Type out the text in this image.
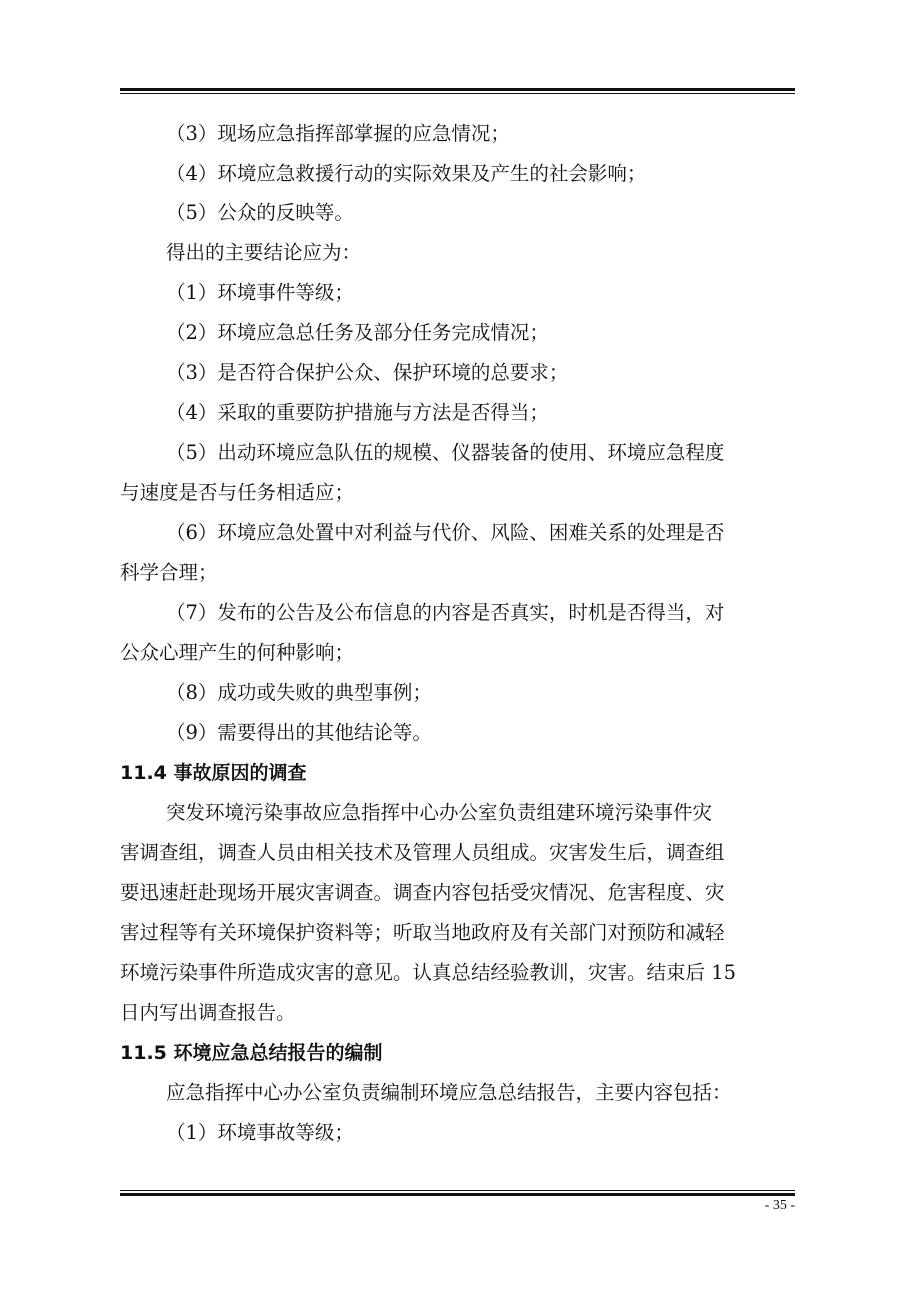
（3）现场应急指挥部掌握的应急情况；
（4）环境应急救援行动的实际效果及产生的社会影响；
（5）公众的反映等。
得出的主要结论应为：
（1）环境事件等级；
（2）环境应急总任务及部分任务完成情况；
（3）是否符合保护公众、保护环境的总要求；
（4）采取的重要防护措施与方法是否得当；
（5）出动环境应急队伍的规模、仪器装备的使用、环境应急程度
与速度是否与任务相适应；
（6）环境应急处置中对利益与代价、风险、困难关系的处理是否
科学合理；
（7）发布的公告及公布信息的内容是否真实，时机是否得当，对
公众心理产生的何种影响；
（8）成功或失败的典型事例；
（9）需要得出的其他结论等。
11.4 事故原因的调查
突发环境污染事故应急指挥中心办公室负责组建环境污染事件灾
害调查组，调查人员由相关技术及管理人员组成。灾害发生后，调查组
要迅速赶赴现场开展灾害调查。调查内容包括受灾情况、危害程度、灾
害过程等有关环境保护资料等；听取当地政府及有关部门对预防和减轻
环境污染事件所造成灾害的意见。认真总结经验教训，灾害。结束后 15
日内写出调查报告。
11.5 环境应急总结报告的编制
应急指挥中心办公室负责编制环境应急总结报告，主要内容包括：
（1）环境事故等级；
- 35 -
